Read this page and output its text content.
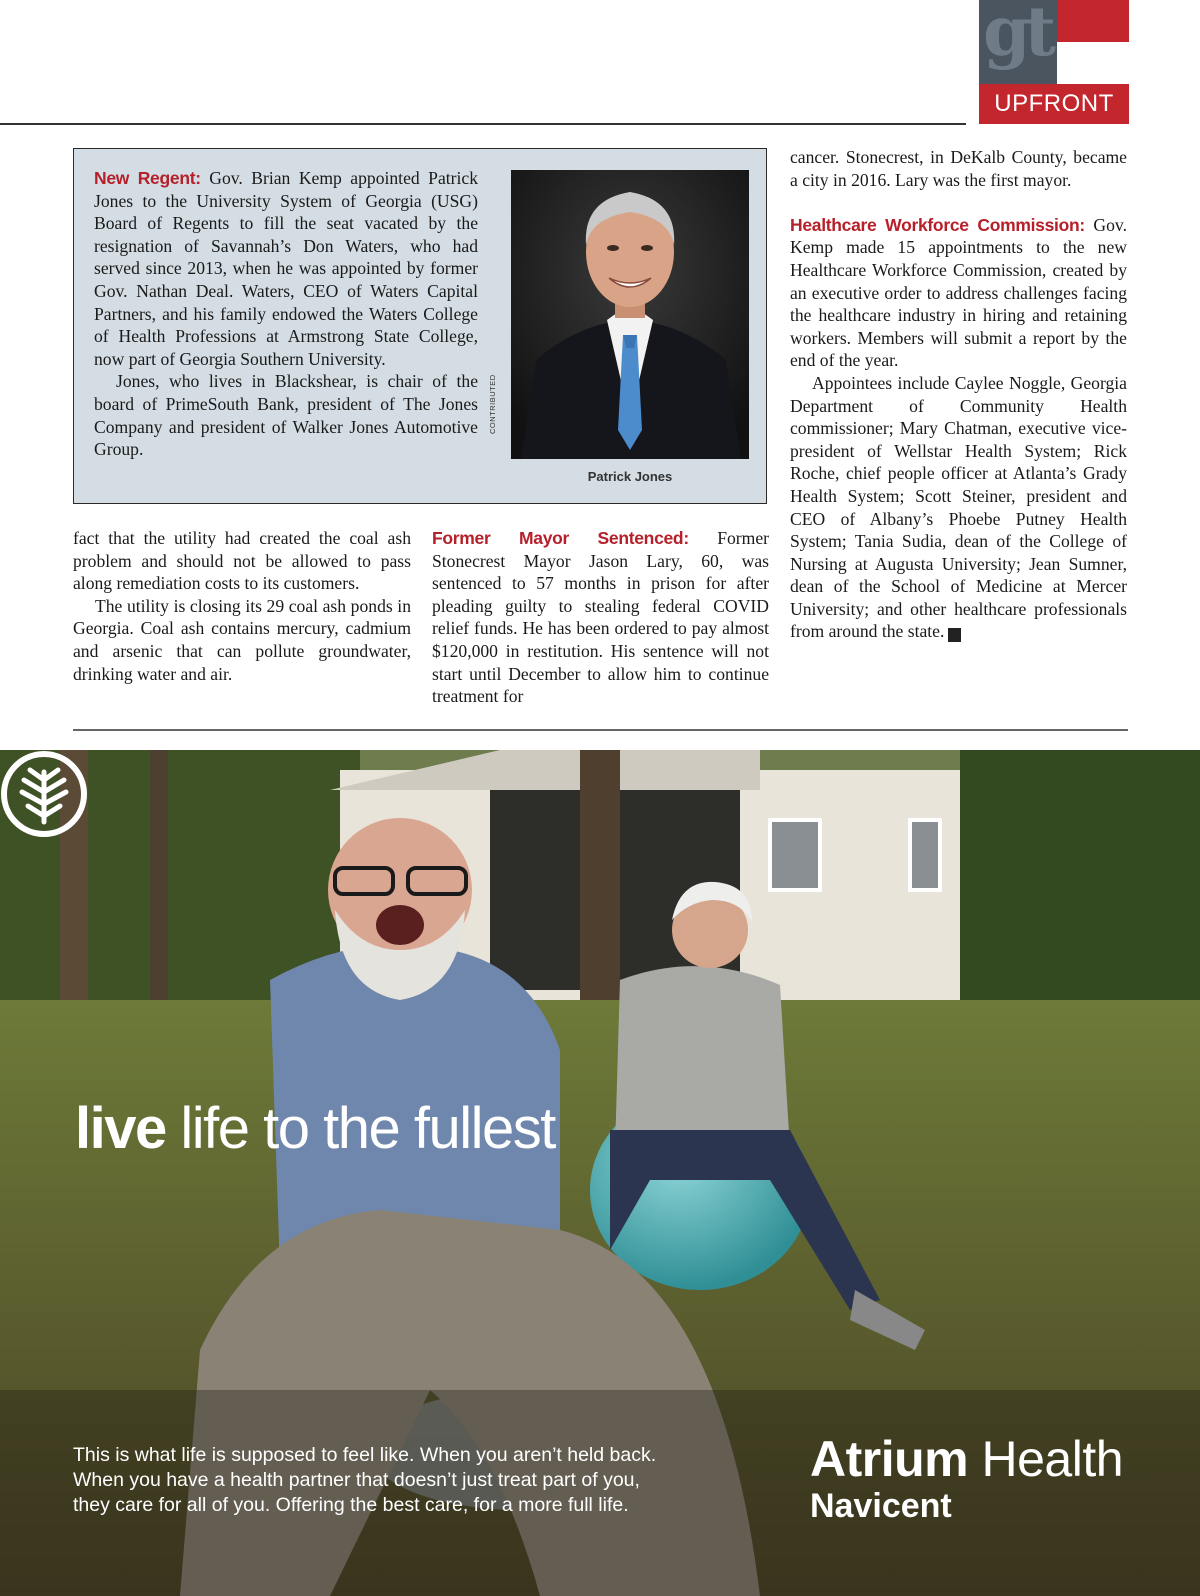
gt
UPFRONT

New Regent: Gov. Brian Kemp appointed Patrick Jones to the University System of Georgia (USG) Board of Regents to fill the seat vacated by the resignation of Savannah’s Don Waters, who had served since 2013, when he was appointed by former Gov. Nathan Deal. Waters, CEO of Waters Capital Partners, and his family endowed the Waters College of Health Professions at Armstrong State College, now part of Georgia Southern University.

Jones, who lives in Blackshear, is chair of the board of PrimeSouth Bank, president of The Jones Company and president of Walker Jones Automotive Group.

CONTRIBUTED
Patrick Jones

fact that the utility had created the coal ash problem and should not be allowed to pass along remediation costs to its customers.

The utility is closing its 29 coal ash ponds in Georgia. Coal ash contains mercury, cadmium and arsenic that can pollute groundwater, drinking water and air.

Former Mayor Sentenced: Former Stonecrest Mayor Jason Lary, 60, was sentenced to 57 months in prison for after pleading guilty to stealing federal COVID relief funds. He has been ordered to pay almost $120,000 in restitution. His sentence will not start until December to allow him to continue treatment for

cancer. Stonecrest, in DeKalb County, became a city in 2016. Lary was the first mayor.

Healthcare Workforce Commission: Gov. Kemp made 15 appointments to the new Healthcare Workforce Commission, created by an executive order to address challenges facing the healthcare industry in hiring and retaining workers. Members will submit a report by the end of the year.

Appointees include Caylee Noggle, Georgia Department of Community Health commissioner; Mary Chatman, executive vice-president of Wellstar Health System; Rick Roche, chief people officer at Atlanta’s Grady Health System; Scott Steiner, president and CEO of Albany’s Phoebe Putney Health System; Tania Sudia, dean of the College of Nursing at Augusta University; Jean Sumner, dean of the School of Medicine at Mercer University; and other healthcare professionals from around the state.	M

live life to the fullest

This is what life is supposed to feel like. When you aren’t held back.

When you have a health partner that doesn’t just treat part of you,

they care for all of you. Offering the best care, for a more full life.

Atrium Health
Navicent
